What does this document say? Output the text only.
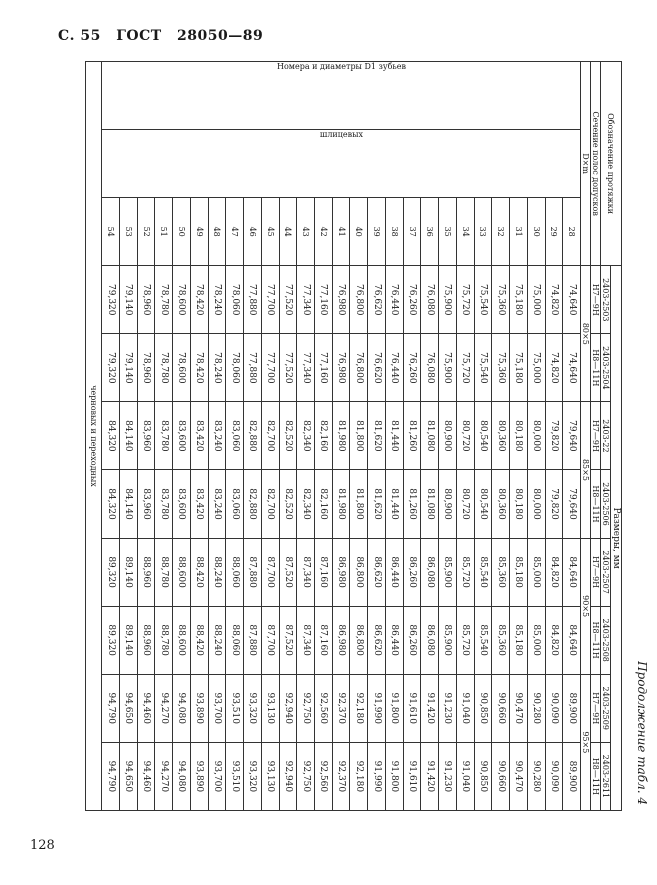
С. 55 ГОСТ 28050—89
Продолжение табл. 4
Обозначение протяжки			Размеры, мм							
			2403-2503	2403-2504	2403-22	2403-2506	2403-2507	2403-2508	2403-2509	2403-2611
Сечение полос допусков			H7—9H	H8—11H	H7—9H	H8—11H	H7—9H	H8—11H	H7—9H	H8—11H
D×m			80×5		85×5		90×5		95×5	

Номера и диаметры D1 зубьев	шлицевых	28	74,640	74,640	79,640	79,640	84,640	84,640	89,900	89,900
		29	74,820	74,820	79,820	79,820	84,820	84,820	90,090	90,090
		30	75,000	75,000	80,000	80,000	85,000	85,000	90,280	90,280
		31	75,180	75,180	80,180	80,180	85,180	85,180	90,470	90,470
		32	75,360	75,360	80,360	80,360	85,360	85,360	90,660	90,660
		33	75,540	75,540	80,540	80,540	85,540	85,540	90,850	90,850
		34	75,720	75,720	80,720	80,720	85,720	85,720	91,040	91,040
		35	75,900	75,900	80,900	80,900	85,900	85,900	91,230	91,230
		36	76,080	76,080	81,080	81,080	86,080	86,080	91,420	91,420
		37	76,260	76,260	81,260	81,260	86,260	86,260	91,610	91,610
		38	76,440	76,440	81,440	81,440	86,440	86,440	91,800	91,800
		39	76,620	76,620	81,620	81,620	86,620	86,620	91,990	91,990
		40	76,800	76,800	81,800	81,800	86,800	86,800	92,180	92,180
		41	76,980	76,980	81,980	81,980	86,980	86,980	92,370	92,370
		42	77,160	77,160	82,160	82,160	87,160	87,160	92,560	92,560
		43	77,340	77,340	82,340	82,340	87,340	87,340	92,750	92,750
		44	77,520	77,520	82,520	82,520	87,520	87,520	92,940	92,940
		45	77,700	77,700	82,700	82,700	87,700	87,700	93,130	93,130
		46	77,880	77,880	82,880	82,880	87,880	87,880	93,320	93,320
		47	78,060	78,060	83,060	83,060	88,060	88,060	93,510	93,510
		48	78,240	78,240	83,240	83,240	88,240	88,240	93,700	93,700
		49	78,420	78,420	83,420	83,420	88,420	88,420	93,890	93,890
		50	78,600	78,600	83,600	83,600	88,600	88,600	94,080	94,080
		51	78,780	78,780	83,780	83,780	88,780	88,780	94,270	94,270
		52	78,960	78,960	83,960	83,960	88,960	88,960	94,460	94,460
		53	79,140	79,140	84,140	84,140	89,140	89,140	94,650	94,650
		54	79,320	79,320	84,320	84,320	89,320	89,320	94,790	94,790
черновых и переходных										
128
